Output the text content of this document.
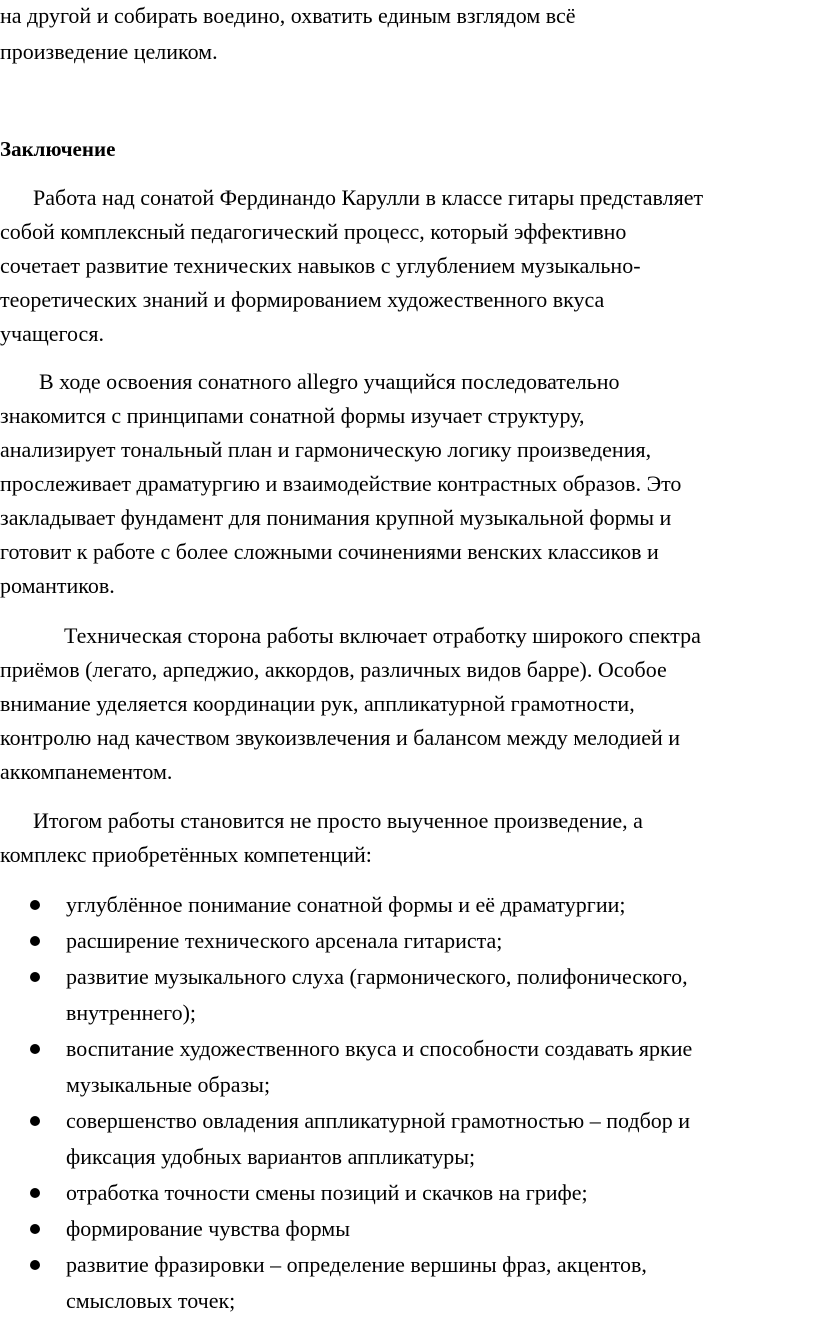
на другой и собирать воедино, охватить единым взглядом всё

произведение целиком.

Заключение

Работа над сонатой Фердинандо Карулли в классе гитары представляет

собой комплексный педагогический процесс, который эффективно

сочетает развитие технических навыков с углублением музыкально-

теоретических знаний и формированием художественного вкуса

учащегося.

В ходе освоения сонатного allegro учащийся последовательно

знакомится с принципами сонатной формы изучает структуру,

анализирует тональный план и гармоническую логику произведения,

прослеживает драматургию и взаимодействие контрастных образов. Это

закладывает фундамент для понимания крупной музыкальной формы и

готовит к работе с более сложными сочинениями венских классиков и

романтиков.

Техническая сторона работы включает отработку широкого спектра

приёмов (легато, арпеджио, аккордов, различных видов барре). Особое

внимание уделяется координации рук, аппликатурной грамотности,

контролю над качеством звукоизвлечения и балансом между мелодией и

аккомпанементом.

Итогом работы становится не просто выученное произведение, а

комплекс приобретённых компетенций:

углублённое понимание сонатной формы и её драматургии;

расширение технического арсенала гитариста;

развитие музыкального слуха (гармонического, полифонического,

внутреннего);

воспитание художественного вкуса и способности создавать яркие

музыкальные образы;

совершенство овладения аппликатурной грамотностью – подбор и

фиксация удобных вариантов аппликатуры;

отработка точности смены позиций и скачков на грифе;

формирование чувства формы

развитие фразировки – определение вершины фраз, акцентов,

смысловых точек;
